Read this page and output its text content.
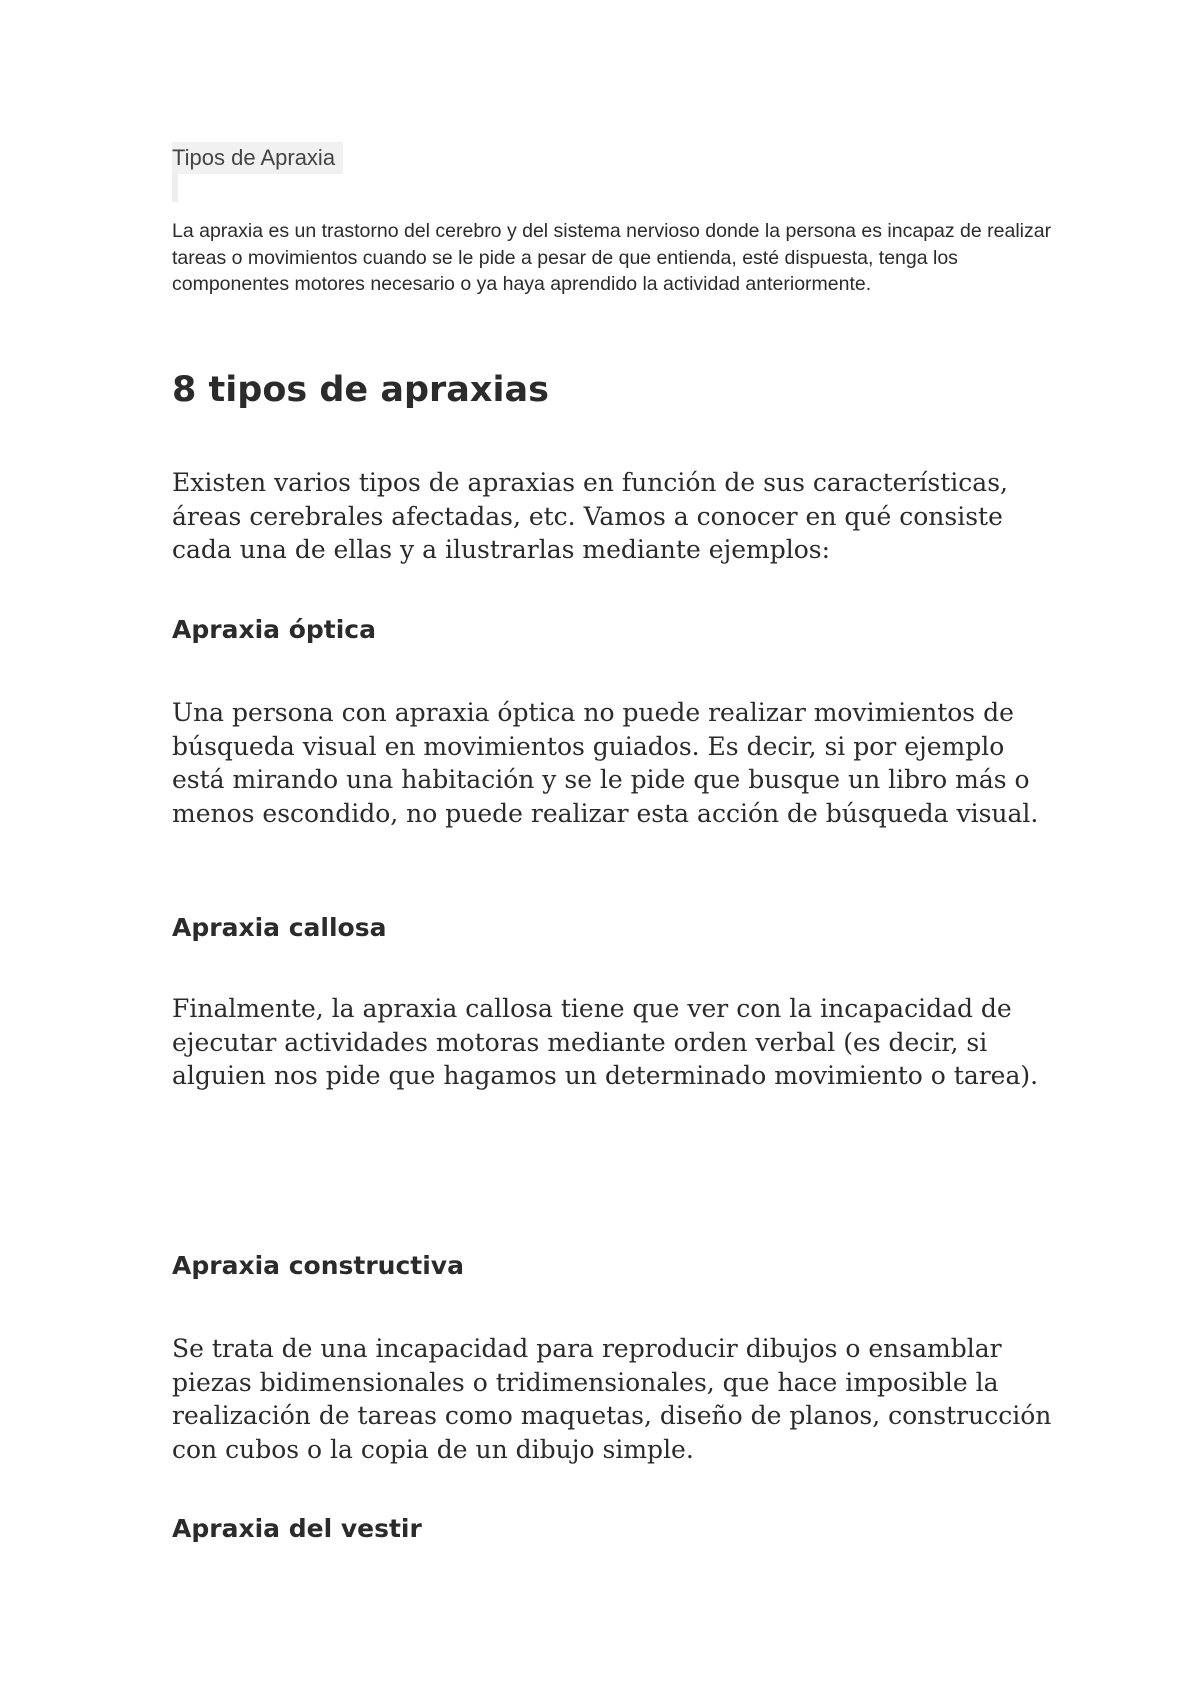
Tipos de Apraxia

La apraxia es un trastorno del cerebro y del sistema nervioso donde la persona es incapaz de realizar tareas o movimientos cuando se le pide a pesar de que entienda, esté dispuesta, tenga los componentes motores necesario o ya haya aprendido la actividad anteriormente.

8 tipos de apraxias

Existen varios tipos de apraxias en función de sus características, áreas cerebrales afectadas, etc. Vamos a conocer en qué consiste cada una de ellas y a ilustrarlas mediante ejemplos:

Apraxia óptica

Una persona con apraxia óptica no puede realizar movimientos de búsqueda visual en movimientos guiados. Es decir, si por ejemplo está mirando una habitación y se le pide que busque un libro más o menos escondido, no puede realizar esta acción de búsqueda visual.

Apraxia callosa

Finalmente, la apraxia callosa tiene que ver con la incapacidad de ejecutar actividades motoras mediante orden verbal (es decir, si alguien nos pide que hagamos un determinado movimiento o tarea).

Apraxia constructiva

Se trata de una incapacidad para reproducir dibujos o ensamblar piezas bidimensionales o tridimensionales, que hace imposible la realización de tareas como maquetas, diseño de planos, construcción con cubos o la copia de un dibujo simple.

Apraxia del vestir
